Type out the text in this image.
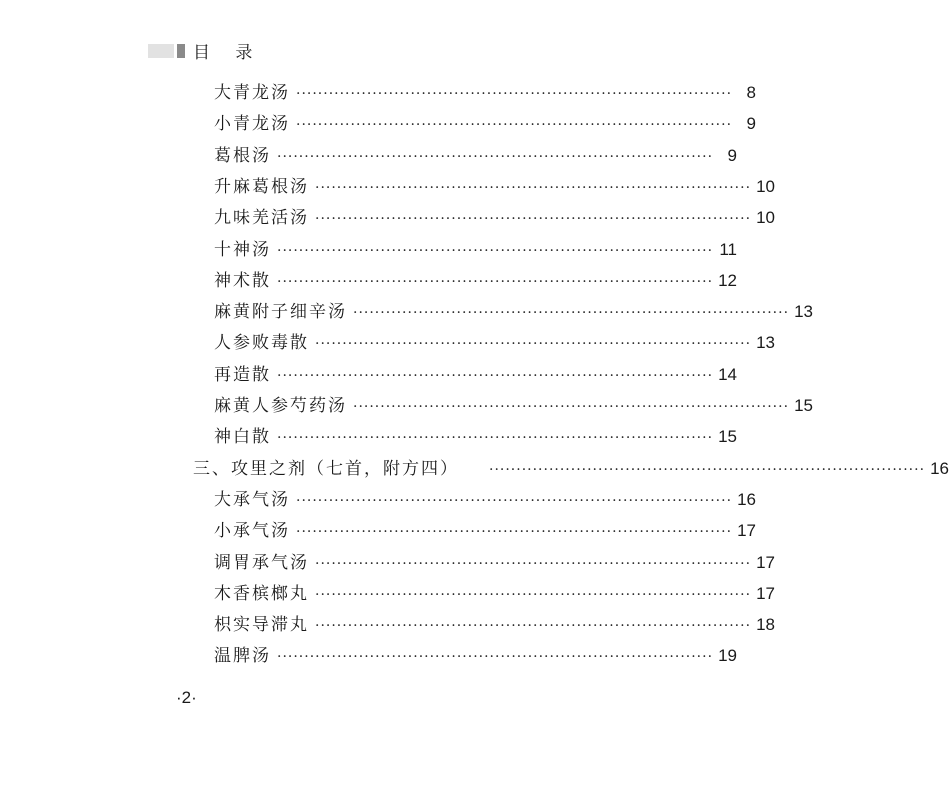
目 录
大青龙汤 ················································································ 8
小青龙汤 ················································································ 9
葛根汤 ················································································ 9
升麻葛根汤 ················································································ 10
九味羌活汤 ················································································ 10
十神汤 ················································································ 11
神术散 ················································································ 12
麻黄附子细辛汤 ················································································ 13
人参败毒散 ················································································ 13
再造散 ················································································ 14
麻黄人参芍药汤 ················································································ 15
神白散 ················································································ 15
三、攻里之剂（七首，附方四） ················································································ 16
大承气汤 ················································································ 16
小承气汤 ················································································ 17
调胃承气汤 ················································································ 17
木香槟榔丸 ················································································ 17
枳实导滞丸 ················································································ 18
温脾汤 ················································································ 19
·2·
